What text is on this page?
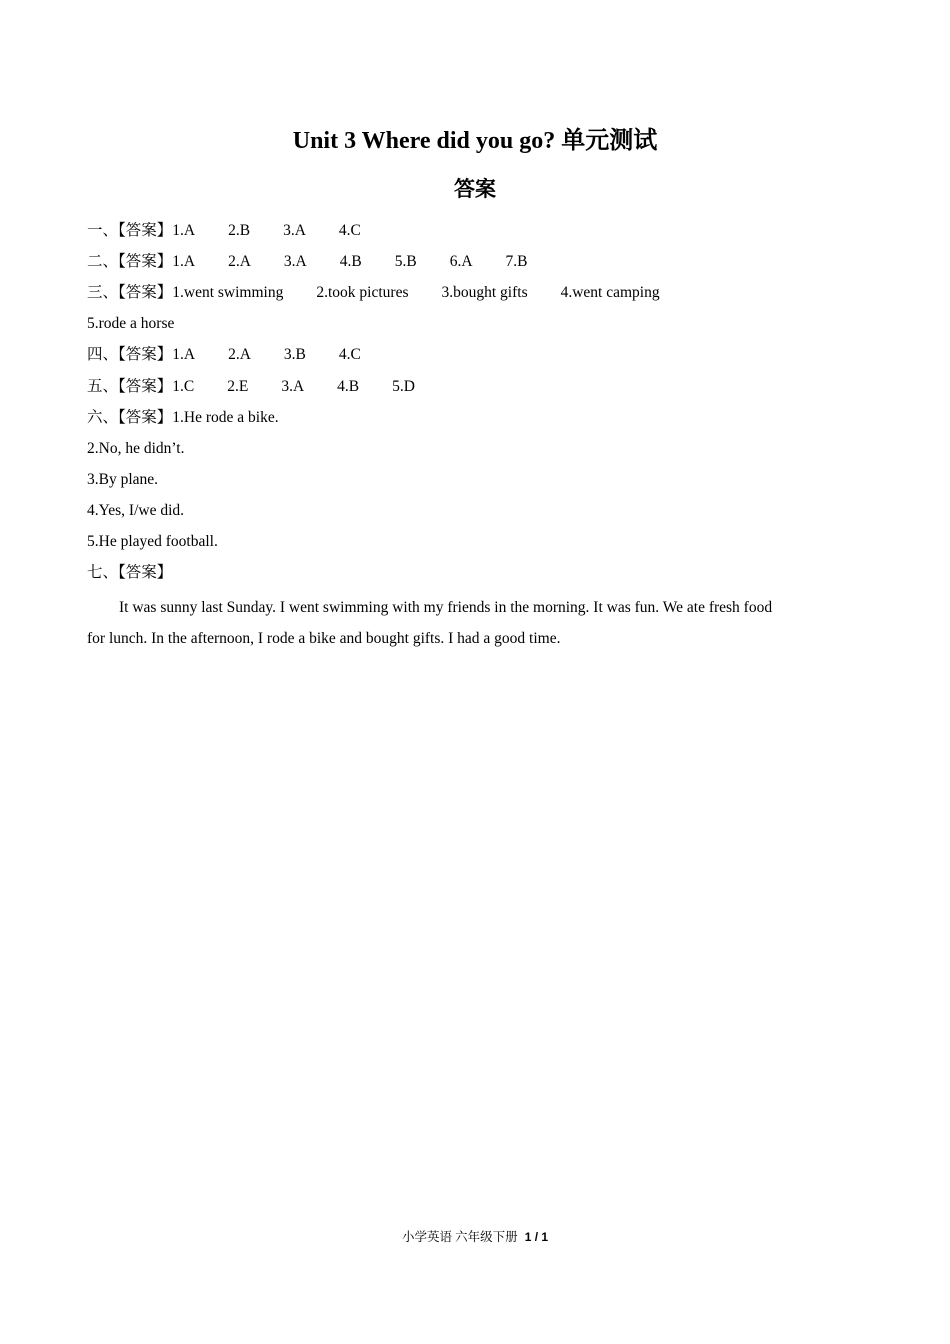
Unit 3 Where did you go? 单元测试
答案
一、【答案】1.A 2.B 3.A 4.C
二、【答案】1.A 2.A 3.A 4.B 5.B 6.A 7.B
三、【答案】1.went swimming 2.took pictures 3.bought gifts 4.went camping
5.rode a horse
四、【答案】1.A 2.A 3.B 4.C
五、【答案】1.C 2.E 3.A 4.B 5.D
六、【答案】1.He rode a bike.
2.No, he didn’t.
3.By plane.
4.Yes, I/we did.
5.He played football.
七、【答案】
It was sunny last Sunday. I went swimming with my friends in the morning. It was fun. We ate fresh food for lunch. In the afternoon, I rode a bike and bought gifts. I had a good time.
小学英语 六年级下册 1 / 1
